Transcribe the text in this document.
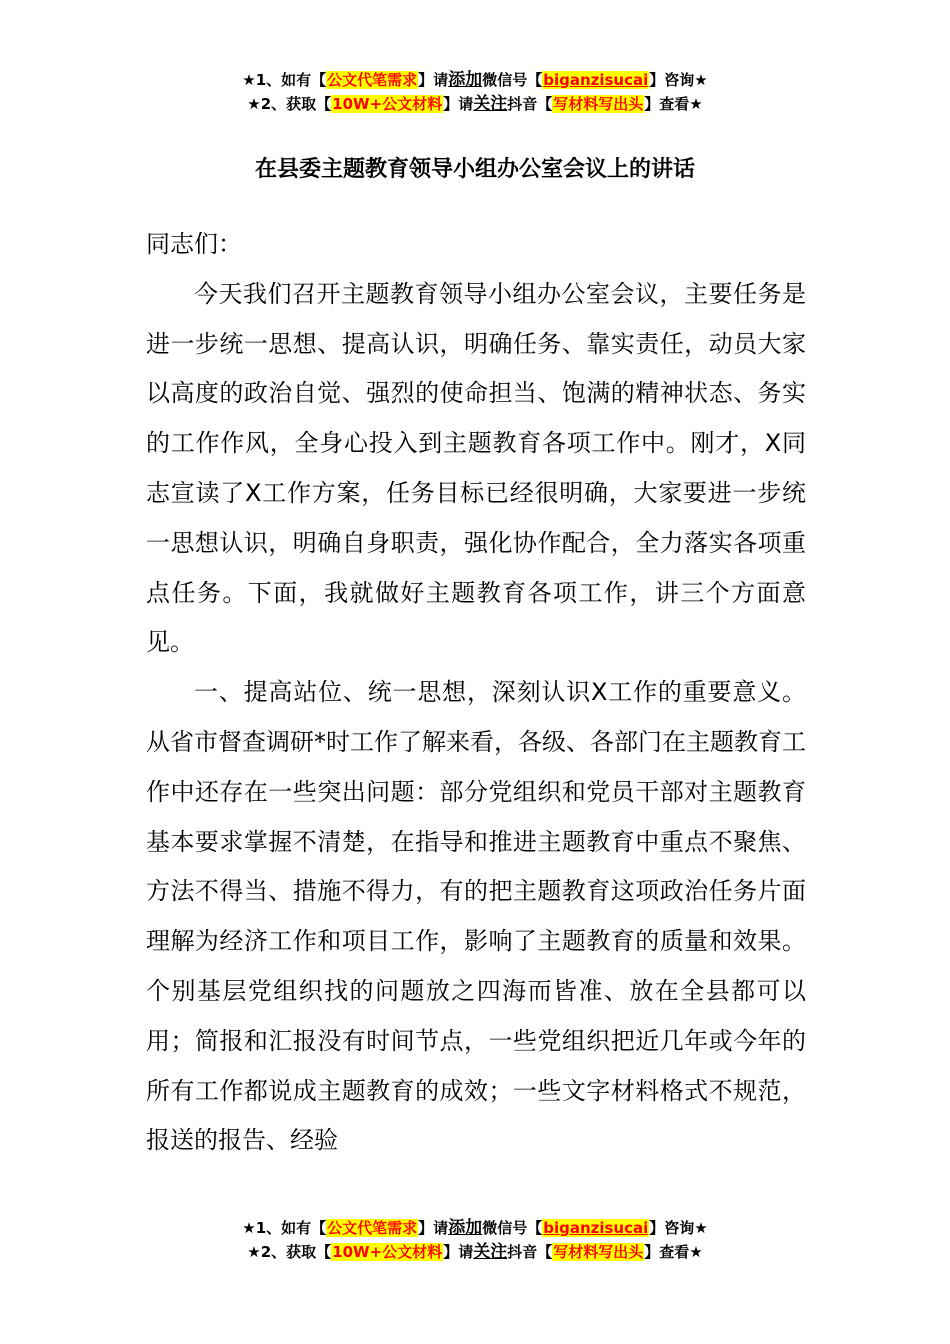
★1、如有【公文代笔需求】请添加微信号【biganzisucai】咨询★
★2、获取【10W+公文材料】请关注抖音【写材料写出头】查看★
在县委主题教育领导小组办公室会议上的讲话

同志们：

今天我们召开主题教育领导小组办公室会议，主要任务是进一步统一思想、提高认识，明确任务、靠实责任，动员大家以高度的政治自觉、强烈的使命担当、饱满的精神状态、务实的工作作风，全身心投入到主题教育各项工作中。刚才，X同志宣读了X工作方案，任务目标已经很明确，大家要进一步统一思想认识，明确自身职责，强化协作配合，全力落实各项重点任务。下面，我就做好主题教育各项工作，讲三个方面意见。

一、提高站位、统一思想，深刻认识X工作的重要意义。从省市督查调研*时工作了解来看，各级、各部门在主题教育工作中还存在一些突出问题：部分党组织和党员干部对主题教育基本要求掌握不清楚，在指导和推进主题教育中重点不聚焦、方法不得当、措施不得力，有的把主题教育这项政治任务片面理解为经济工作和项目工作，影响了主题教育的质量和效果。个别基层党组织找的问题放之四海而皆准、放在全县都可以用；简报和汇报没有时间节点，一些党组织把近几年或今年的所有工作都说成主题教育的成效；一些文字材料格式不规范，报送的报告、经验

★1、如有【公文代笔需求】请添加微信号【biganzisucai】咨询★
★2、获取【10W+公文材料】请关注抖音【写材料写出头】查看★
